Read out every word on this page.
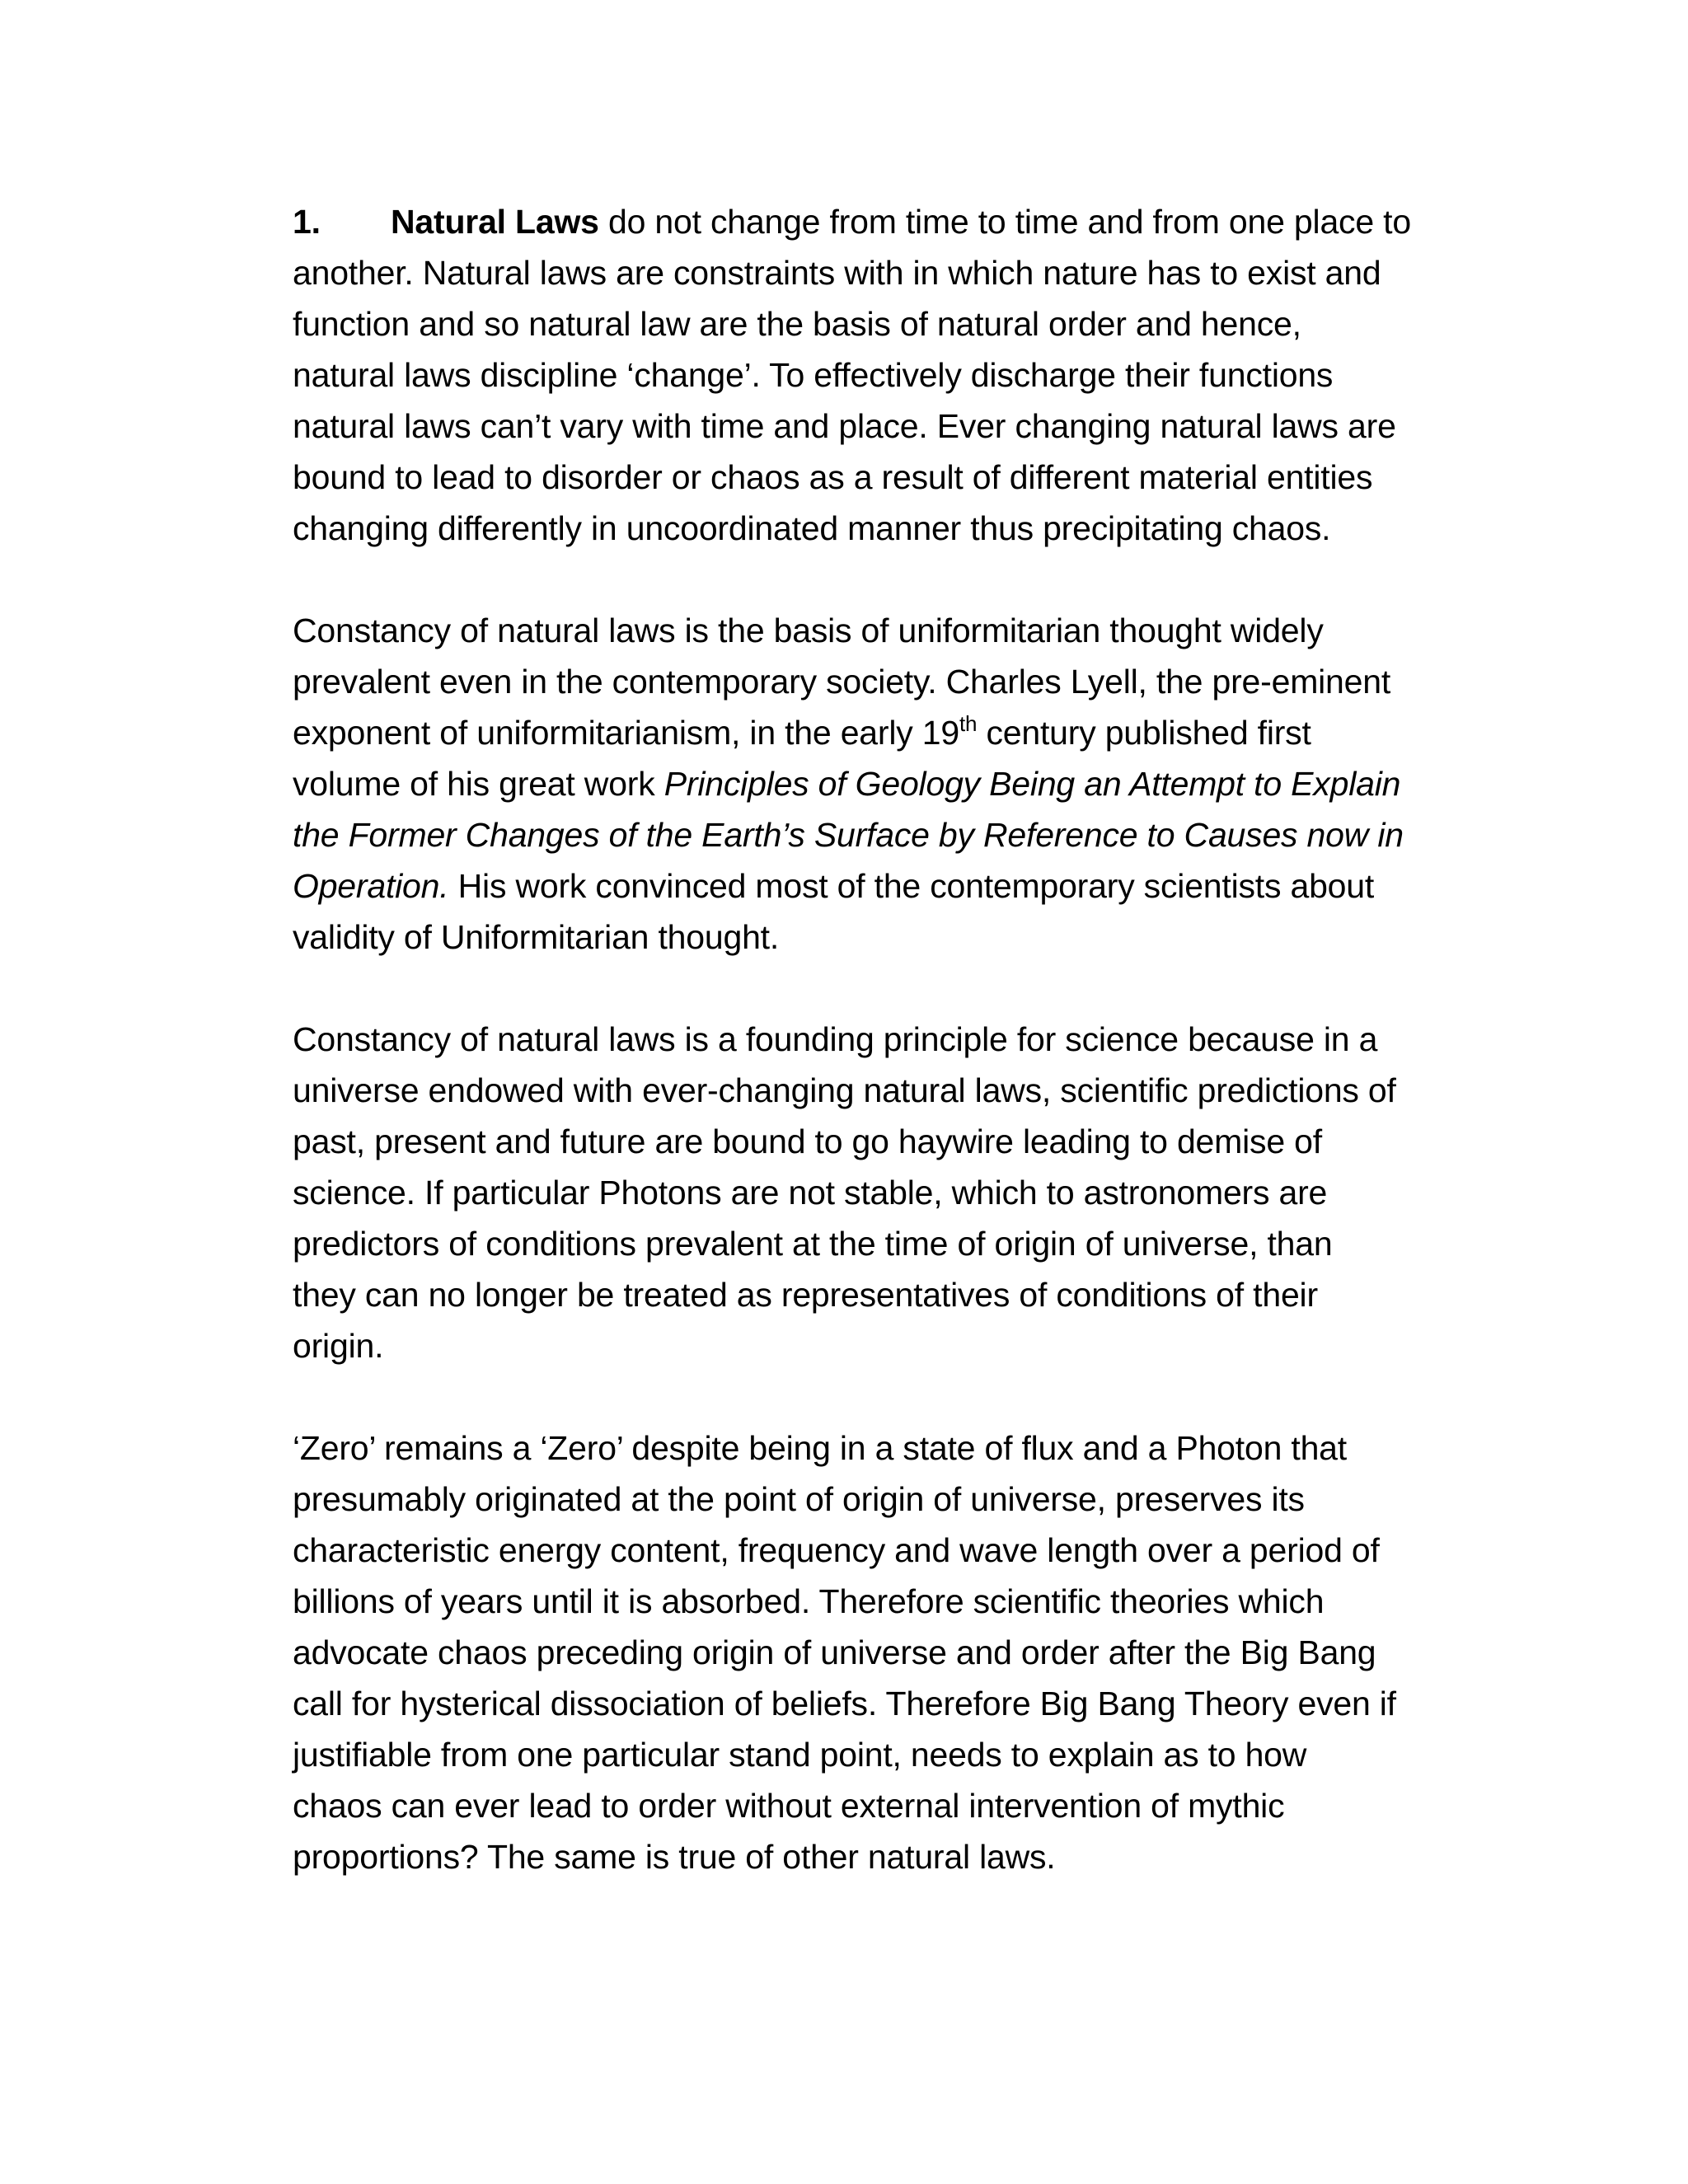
1. Natural Laws do not change from time to time and from one place to
another. Natural laws are constraints with in which nature has to exist and
function and so natural law are the basis of natural order and hence,
natural laws discipline ‘change’. To effectively discharge their functions
natural laws can’t vary with time and place. Ever changing natural laws are
bound to lead to disorder or chaos as a result of different material entities
changing differently in uncoordinated manner thus precipitating chaos.
Constancy of natural laws is the basis of uniformitarian thought widely
prevalent even in the contemporary society. Charles Lyell, the pre-eminent
exponent of uniformitarianism, in the early 19th century published first
volume of his great work Principles of Geology Being an Attempt to Explain
the Former Changes of the Earth’s Surface by Reference to Causes now in
Operation. His work convinced most of the contemporary scientists about
validity of Uniformitarian thought.
Constancy of natural laws is a founding principle for science because in a
universe endowed with ever-changing natural laws, scientific predictions of
past, present and future are bound to go haywire leading to demise of
science. If particular Photons are not stable, which to astronomers are
predictors of conditions prevalent at the time of origin of universe, than
they can no longer be treated as representatives of conditions of their
origin.
‘Zero’ remains a ‘Zero’ despite being in a state of flux and a Photon that
presumably originated at the point of origin of universe, preserves its
characteristic energy content, frequency and wave length over a period of
billions of years until it is absorbed. Therefore scientific theories which
advocate chaos preceding origin of universe and order after the Big Bang
call for hysterical dissociation of beliefs. Therefore Big Bang Theory even if
justifiable from one particular stand point, needs to explain as to how
chaos can ever lead to order without external intervention of mythic
proportions? The same is true of other natural laws.
